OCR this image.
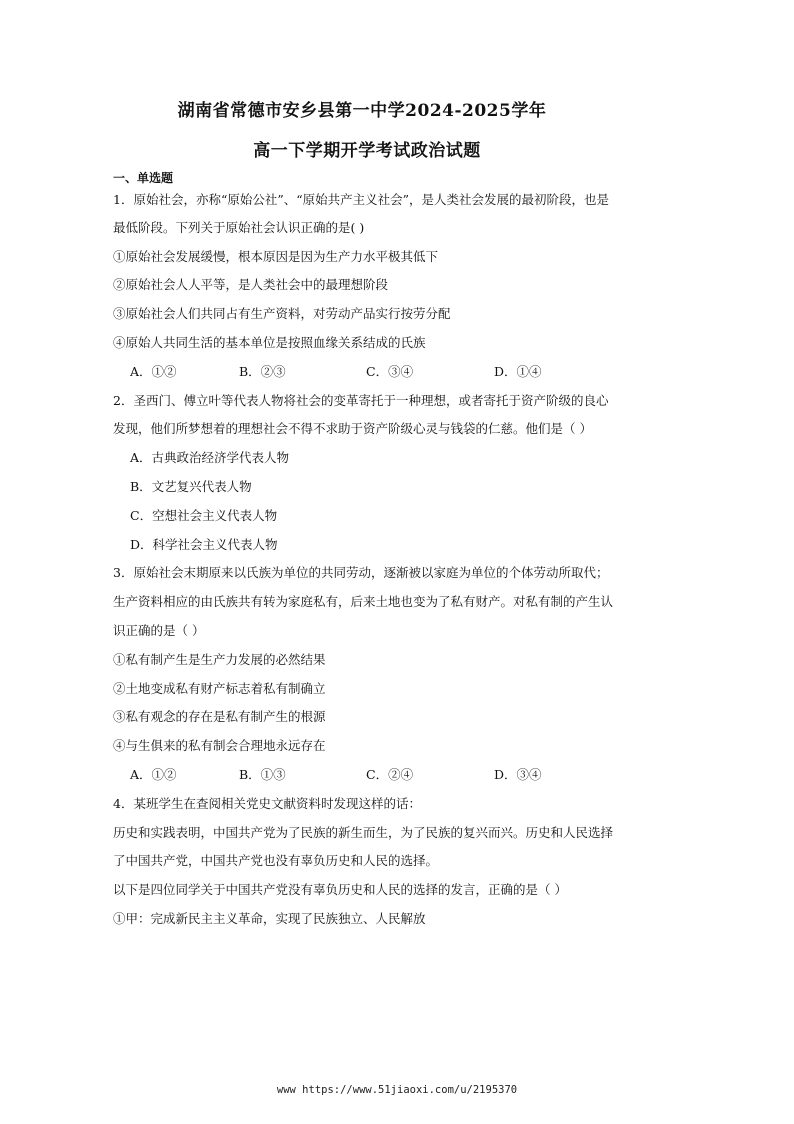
湖南省常德市安乡县第一中学2024-2025学年
高一下学期开学考试政治试题
一、单选题
1．原始社会，亦称“原始公社”、“原始共产主义社会”，是人类社会发展的最初阶段，也是
最低阶段。下列关于原始社会认识正确的是( )
①原始社会发展缓慢，根本原因是因为生产力水平极其低下
②原始社会人人平等，是人类社会中的最理想阶段
③原始社会人们共同占有生产资料，对劳动产品实行按劳分配
④原始人共同生活的基本单位是按照血缘关系结成的氏族
A．①②	B．②③	C．③④	D．①④
2．圣西门、傅立叶等代表人物将社会的变革寄托于一种理想，或者寄托于资产阶级的良心
发现，他们所梦想着的理想社会不得不求助于资产阶级心灵与钱袋的仁慈。他们是（ ）
A．古典政治经济学代表人物
B．文艺复兴代表人物
C．空想社会主义代表人物
D．科学社会主义代表人物
3．原始社会末期原来以氏族为单位的共同劳动，逐渐被以家庭为单位的个体劳动所取代；
生产资料相应的由氏族共有转为家庭私有，后来土地也变为了私有财产。对私有制的产生认
识正确的是（ ）
①私有制产生是生产力发展的必然结果
②土地变成私有财产标志着私有制确立
③私有观念的存在是私有制产生的根源
④与生俱来的私有制会合理地永远存在
A．①②	B．①③	C．②④	D．③④
4．某班学生在查阅相关党史文献资料时发现这样的话：
历史和实践表明，中国共产党为了民族的新生而生，为了民族的复兴而兴。历史和人民选择
了中国共产党，中国共产党也没有辜负历史和人民的选择。
以下是四位同学关于中国共产党没有辜负历史和人民的选择的发言，正确的是（ ）
①甲：完成新民主主义革命，实现了民族独立、人民解放
www https://www.51jiaoxi.com/u/2195370
